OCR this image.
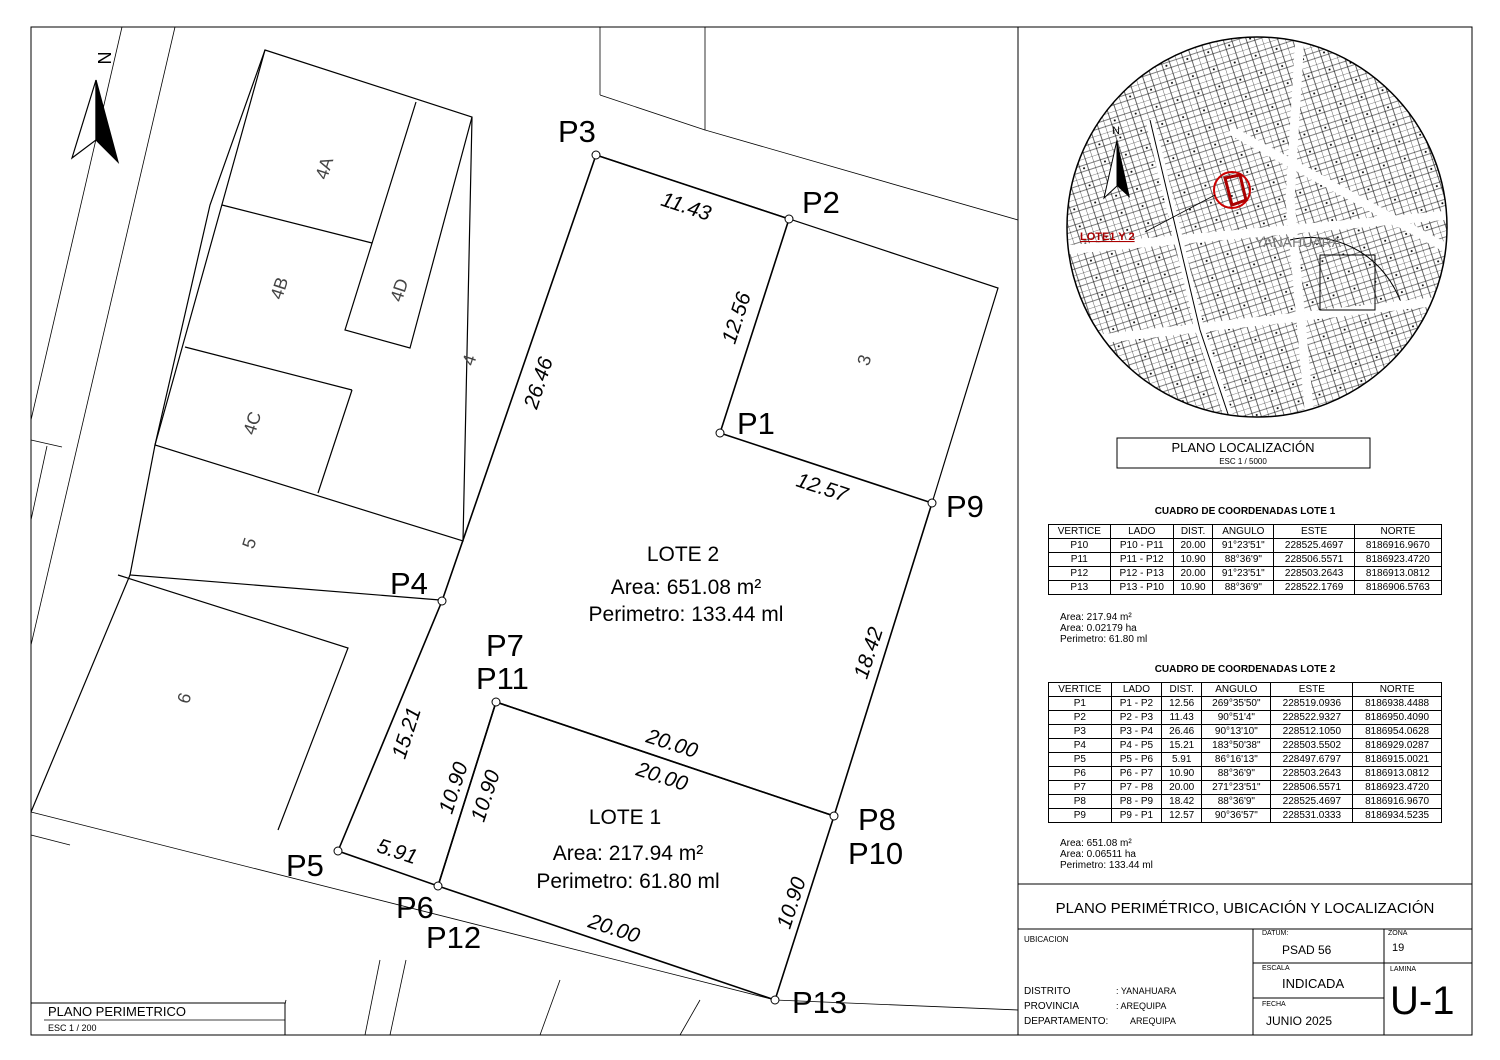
4A
4B
4C
4D
4
5
6
3
11.43
12.56
12.57
26.46
18.42
15.21
5.91
10.90
10.90
20.00
20.00
20.00	10.90
P1
P2
P3
P4
P5
P6
P12
P7
P11
P8
P10
P9
P13
LOTE 2
Area: 651.08 m²
Perimetro: 133.44 ml
LOTE 1
Area: 217.94 m²
Perimetro: 61.80 ml
N
PLANO PERIMETRICO
ESC 1 / 200
LOTE1 Y 2	YANAHUARA
N
PLANO LOCALIZACIÓN
ESC 1 / 5000
CUADRO DE COORDENADAS LOTE 1
VERTICE	LADO	DIST.	ANGULO	ESTE	NORTE
P10	P10 - P11	20.00	91°23'51"	228525.4697	8186916.9670
P11	P11 - P12	10.90	88°36'9"	228506.5571	8186923.4720
P12	P12 - P13	20.00	91°23'51"	228503.2643	8186913.0812
P13	P13 - P10	10.90	88°36'9"	228522.1769	8186906.5763
Area: 217.94 m²
Area: 0.02179 ha
Perimetro: 61.80 ml
CUADRO DE COORDENADAS LOTE 2
VERTICE	LADO	DIST.	ANGULO	ESTE	NORTE
P1	P1 - P2	12.56	269°35'50"	228519.0936	8186938.4488
P2	P2 - P3	11.43	90°51'4"	228522.9327	8186950.4090
P3	P3 - P4	26.46	90°13'10"	228512.1050	8186954.0628
P4	P4 - P5	15.21	183°50'38"	228503.5502	8186929.0287
P5	P5 - P6	5.91	86°16'13"	228497.6797	8186915.0021
P6	P6 - P7	10.90	88°36'9"	228503.2643	8186913.0812
P7	P7 - P8	20.00	271°23'51"	228506.5571	8186923.4720
P8	P8 - P9	18.42	88°36'9"	228525.4697	8186916.9670
P9	P9 - P1	12.57	90°36'57"	228531.0333	8186934.5235
Area: 651.08 m²
Area: 0.06511 ha
Perimetro: 133.44 ml
PLANO PERIMÉTRICO, UBICACIÓN Y LOCALIZACIÓN
UBICACION
DISTRITO	: YANAHUARA
PROVINCIA	: AREQUIPA
DEPARTAMENTO: AREQUIPA
DATUM:
PSAD 56
ZONA
19
ESCALA
INDICADA
LAMINA
U-1
FECHA
JUNIO 2025
